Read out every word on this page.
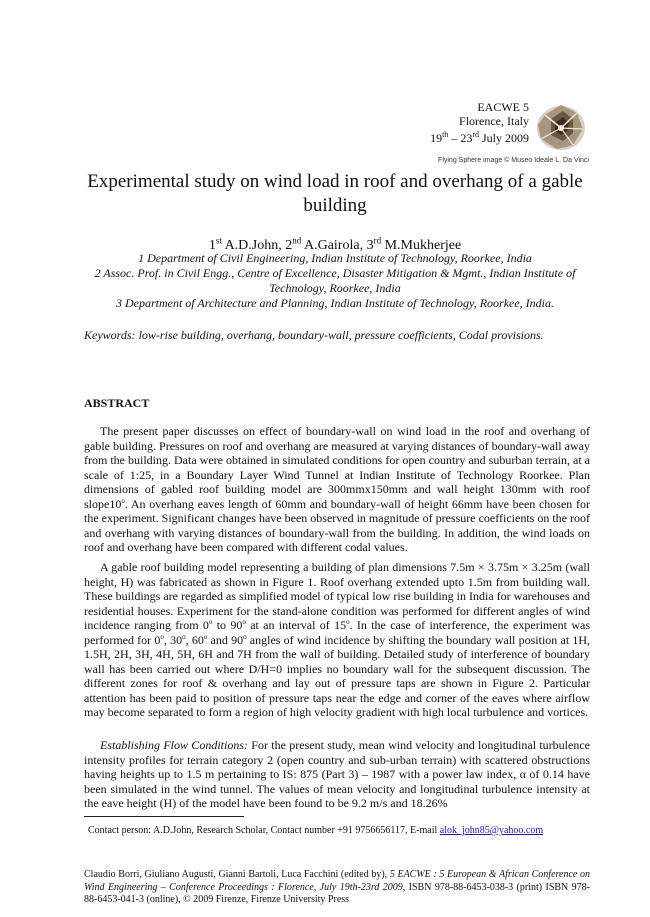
EACWE 5
Florence, Italy
19th – 23rd July 2009
Flying Sphere image © Museo Ideale L. Da Vinci
Experimental study on wind load in roof and overhang of a gable building
1st A.D.John, 2nd A.Gairola, 3rd M.Mukherjee
1 Department of Civil Engineering, Indian Institute of Technology, Roorkee, India
2 Assoc. Prof. in Civil Engg., Centre of Excellence, Disaster Mitigation & Mgmt., Indian Institute of Technology, Roorkee, India
3 Department of Architecture and Planning, Indian Institute of Technology, Roorkee, India.
Keywords: low-rise building, overhang, boundary-wall, pressure coefficients, Codal provisions.
ABSTRACT
The present paper discusses on effect of boundary-wall on wind load in the roof and overhang of gable building. Pressures on roof and overhang are measured at varying distances of boundary-wall away from the building. Data were obtained in simulated conditions for open country and suburban terrain, at a scale of 1:25, in a Boundary Layer Wind Tunnel at Indian Institute of Technology Roorkee. Plan dimensions of gabled roof building model are 300mmx150mm and wall height 130mm with roof slope10$^o$. An overhang eaves length of 60mm and boundary-wall of height 66mm have been chosen for the experiment. Significant changes have been observed in magnitude of pressure coefficients on the roof and overhang with varying distances of boundary-wall from the building. In addition, the wind loads on roof and overhang have been compared with different codal values.
A gable roof building model representing a building of plan dimensions 7.5m × 3.75m × 3.25m (wall height, H) was fabricated as shown in Figure 1. Roof overhang extended upto 1.5m from building wall. These buildings are regarded as simplified model of typical low rise building in India for warehouses and residential houses. Experiment for the stand-alone condition was performed for different angles of wind incidence ranging from 0$^o$ to 90$^o$ at an interval of 15$^o$. In the case of interference, the experiment was performed for 0$^o$, 30$^o$, 60$^o$ and 90$^o$ angles of wind incidence by shifting the boundary wall position at 1H, 1.5H, 2H, 3H, 4H, 5H, 6H and 7H from the wall of building. Detailed study of interference of boundary wall has been carried out where D/H=0 implies no boundary wall for the subsequent discussion. The different zones for roof & overhang and lay out of pressure taps are shown in Figure 2. Particular attention has been paid to position of pressure taps near the edge and corner of the eaves where airflow may become separated to form a region of high velocity gradient with high local turbulence and vortices.
Establishing Flow Conditions: For the present study, mean wind velocity and longitudinal turbulence intensity profiles for terrain category 2 (open country and sub-urban terrain) with scattered obstructions having heights up to 1.5 m pertaining to IS: 875 (Part 3) – 1987 with a power law index, α of 0.14 have been simulated in the wind tunnel. The values of mean velocity and longitudinal turbulence intensity at the eave height (H) of the model have been found to be 9.2 m/s and 18.26%
Contact person: A.D.John, Research Scholar, Contact number +91 9756656117, E-mail alok_john85@yahoo.com
Claudio Borri, Giuliano Augusti, Gianni Bartoli, Luca Facchini (edited by), 5 EACWE : 5 European & African Conference on Wind Engineering – Conference Proceedings : Florence, July 19th-23rd 2009, ISBN 978-88-6453-038-3 (print) ISBN 978-88-6453-041-3 (online), © 2009 Firenze, Firenze University Press
